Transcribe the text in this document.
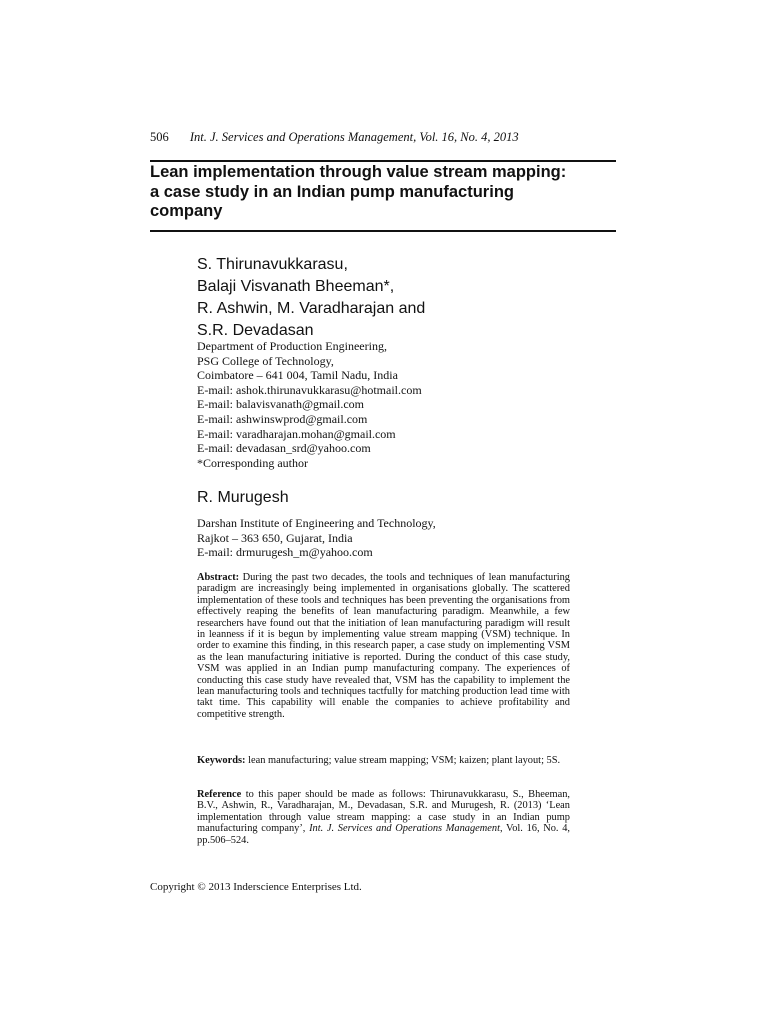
506 Int. J. Services and Operations Management, Vol. 16, No. 4, 2013
Lean implementation through value stream mapping:
a case study in an Indian pump manufacturing
company
S. Thirunavukkarasu,
Balaji Visvanath Bheeman*,
R. Ashwin, M. Varadharajan and
S.R. Devadasan
Department of Production Engineering,
PSG College of Technology,
Coimbatore – 641 004, Tamil Nadu, India
E-mail: ashok.thirunavukkarasu@hotmail.com
E-mail: balavisvanath@gmail.com
E-mail: ashwinswprod@gmail.com
E-mail: varadharajan.mohan@gmail.com
E-mail: devadasan_srd@yahoo.com
*Corresponding author
R. Murugesh
Darshan Institute of Engineering and Technology,
Rajkot – 363 650, Gujarat, India
E-mail: drmurugesh_m@yahoo.com
Abstract: During the past two decades, the tools and techniques of lean manufacturing paradigm are increasingly being implemented in organisations globally. The scattered implementation of these tools and techniques has been preventing the organisations from effectively reaping the benefits of lean manufacturing paradigm. Meanwhile, a few researchers have found out that the initiation of lean manufacturing paradigm will result in leanness if it is begun by implementing value stream mapping (VSM) technique. In order to examine this finding, in this research paper, a case study on implementing VSM as the lean manufacturing initiative is reported. During the conduct of this case study, VSM was applied in an Indian pump manufacturing company. The experiences of conducting this case study have revealed that, VSM has the capability to implement the lean manufacturing tools and techniques tactfully for matching production lead time with takt time. This capability will enable the companies to achieve profitability and competitive strength.
Keywords: lean manufacturing; value stream mapping; VSM; kaizen; plant layout; 5S.
Reference to this paper should be made as follows: Thirunavukkarasu, S., Bheeman, B.V., Ashwin, R., Varadharajan, M., Devadasan, S.R. and Murugesh, R. (2013) ‘Lean implementation through value stream mapping: a case study in an Indian pump manufacturing company’, Int. J. Services and Operations Management, Vol. 16, No. 4, pp.506–524.
Copyright © 2013 Inderscience Enterprises Ltd.
